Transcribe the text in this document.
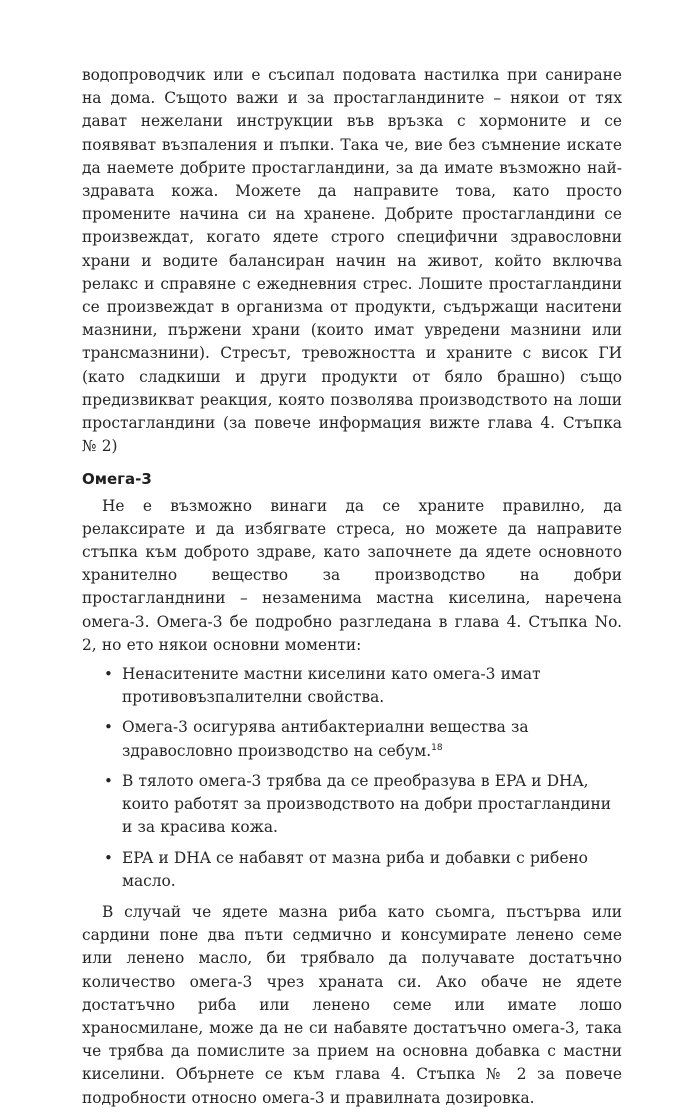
водопроводчик или е съсипал подовата настилка при саниране на дома. Същото важи и за простагландините – някои от тях дават нежелани инструкции във връзка с хормоните и се появяват възпаления и пъпки. Така че, вие без съмнение искате да наемете добрите простагландини, за да имате възможно най-здравата кожа. Можете да направите това, като просто промените начина си на хранене. Добрите простагландини се произвеждат, когато ядете строго специфични здравословни храни и водите балансиран начин на живот, който включва релакс и справяне с ежедневния стрес. Лошите простагландини се произвеждат в организма от продукти, съдържащи наситени мазнини, пържени храни (които имат увредени мазнини или трансмазнини). Стресът, тревожността и храните с висок ГИ (като сладкиши и други продукти от бяло брашно) също предизвикват реакция, която позволява производството на лоши простагландини (за повече информация вижте глава 4. Стъпка № 2)

Омега-3

Не е възможно винаги да се храните правилно, да релаксирате и да избягвате стреса, но можете да направите стъпка към доброто здраве, като започнете да ядете основното хранително вещество за производство на добри простагланднини – незаменима мастна киселина, наречена омега-3. Омега-3 бе подробно разгледана в глава 4. Стъпка No. 2, но ето някои основни моменти:

• Ненаситените мастни киселини като омега-3 имат противовъзпалителни свойства.
• Омега-3 осигурява антибактериални вещества за здравословно производство на себум.$^{18}$
• В тялото омега-3 трябва да се преобразува в EPA и DHA, които работят за производството на добри простагландини и за красива кожа.
• EPA и DHA се набавят от мазна риба и добавки с рибено масло.

В случай че ядете мазна риба като сьомга, пъстърва или сардини поне два пъти седмично и консумирате ленено семе или ленено масло, би трябвало да получавате достатъчно количество омега-3 чрез храната си. Ако обаче не ядете достатъчно риба или ленено семе или имате лошо храносмилане, може да не си набавяте достатъчно омега-3, така че трябва да помислите за прием на основна добавка с мастни киселини. Обърнете се към глава 4. Стъпка № 2 за повече подробности относно омега-3 и правилната дозировка.
